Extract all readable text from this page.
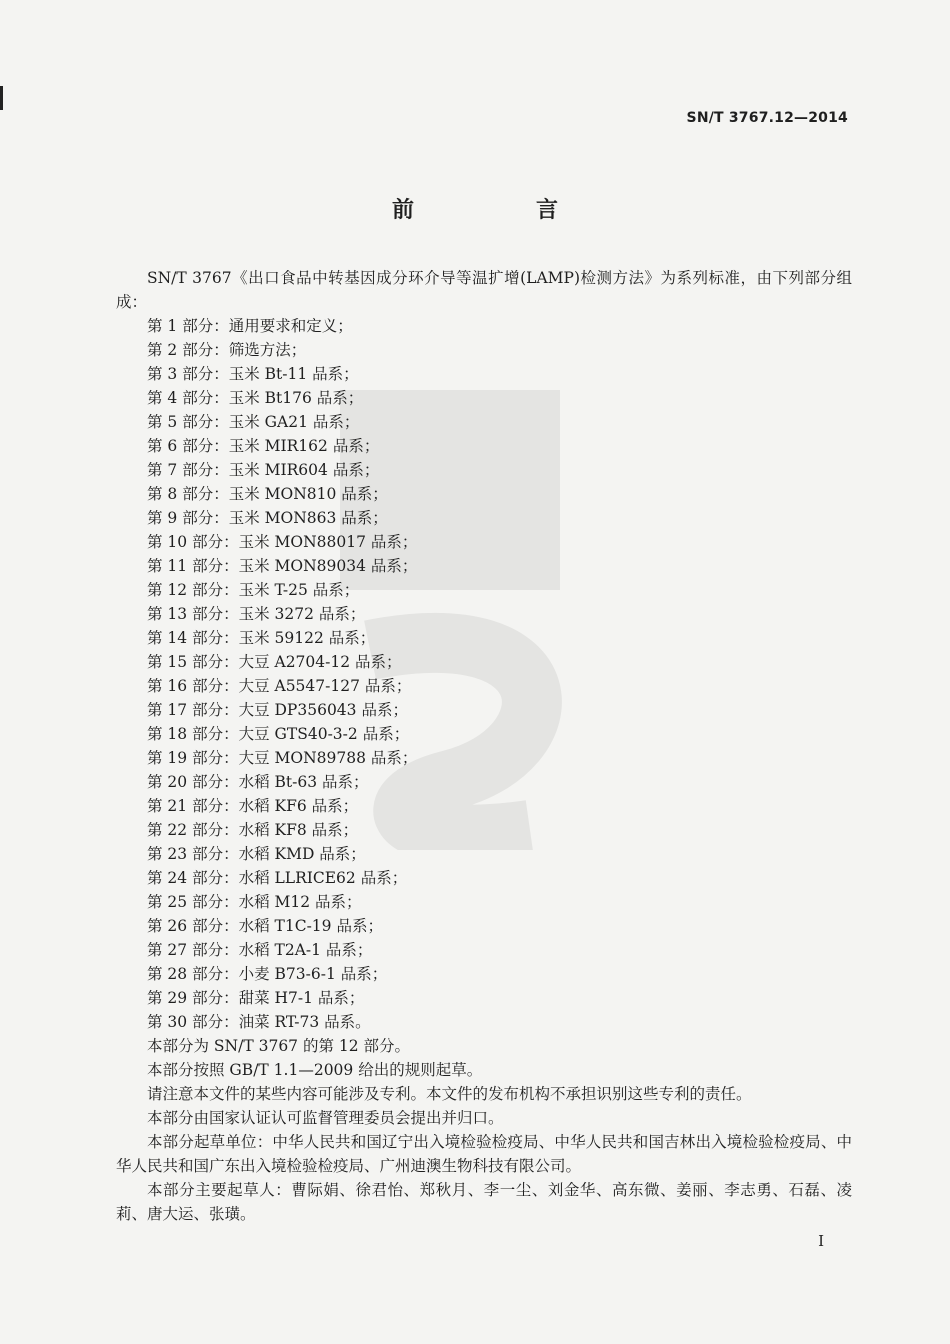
SN/T 3767.12—2014
前　言

SN/T 3767《出口食品中转基因成分环介导等温扩增(LAMP)检测方法》为系列标准，由下列部分组成：

第 1 部分：通用要求和定义；

第 2 部分：筛选方法；

第 3 部分：玉米 Bt-11 品系；

第 4 部分：玉米 Bt176 品系；

第 5 部分：玉米 GA21 品系；

第 6 部分：玉米 MIR162 品系；

第 7 部分：玉米 MIR604 品系；

第 8 部分：玉米 MON810 品系；

第 9 部分：玉米 MON863 品系；

第 10 部分：玉米 MON88017 品系；

第 11 部分：玉米 MON89034 品系；

第 12 部分：玉米 T-25 品系；

第 13 部分：玉米 3272 品系；

第 14 部分：玉米 59122 品系；

第 15 部分：大豆 A2704-12 品系；

第 16 部分：大豆 A5547-127 品系；

第 17 部分：大豆 DP356043 品系；

第 18 部分：大豆 GTS40-3-2 品系；

第 19 部分：大豆 MON89788 品系；

第 20 部分：水稻 Bt-63 品系；

第 21 部分：水稻 KF6 品系；

第 22 部分：水稻 KF8 品系；

第 23 部分：水稻 KMD 品系；

第 24 部分：水稻 LLRICE62 品系；

第 25 部分：水稻 M12 品系；

第 26 部分：水稻 T1C-19 品系；

第 27 部分：水稻 T2A-1 品系；

第 28 部分：小麦 B73-6-1 品系；

第 29 部分：甜菜 H7-1 品系；

第 30 部分：油菜 RT-73 品系。

本部分为 SN/T 3767 的第 12 部分。

本部分按照 GB/T 1.1—2009 给出的规则起草。

请注意本文件的某些内容可能涉及专利。本文件的发布机构不承担识别这些专利的责任。

本部分由国家认证认可监督管理委员会提出并归口。

本部分起草单位：中华人民共和国辽宁出入境检验检疫局、中华人民共和国吉林出入境检验检疫局、中华人民共和国广东出入境检验检疫局、广州迪澳生物科技有限公司。

本部分主要起草人：曹际娟、徐君怡、郑秋月、李一尘、刘金华、高东微、姜丽、李志勇、石磊、凌莉、唐大运、张璜。

I
